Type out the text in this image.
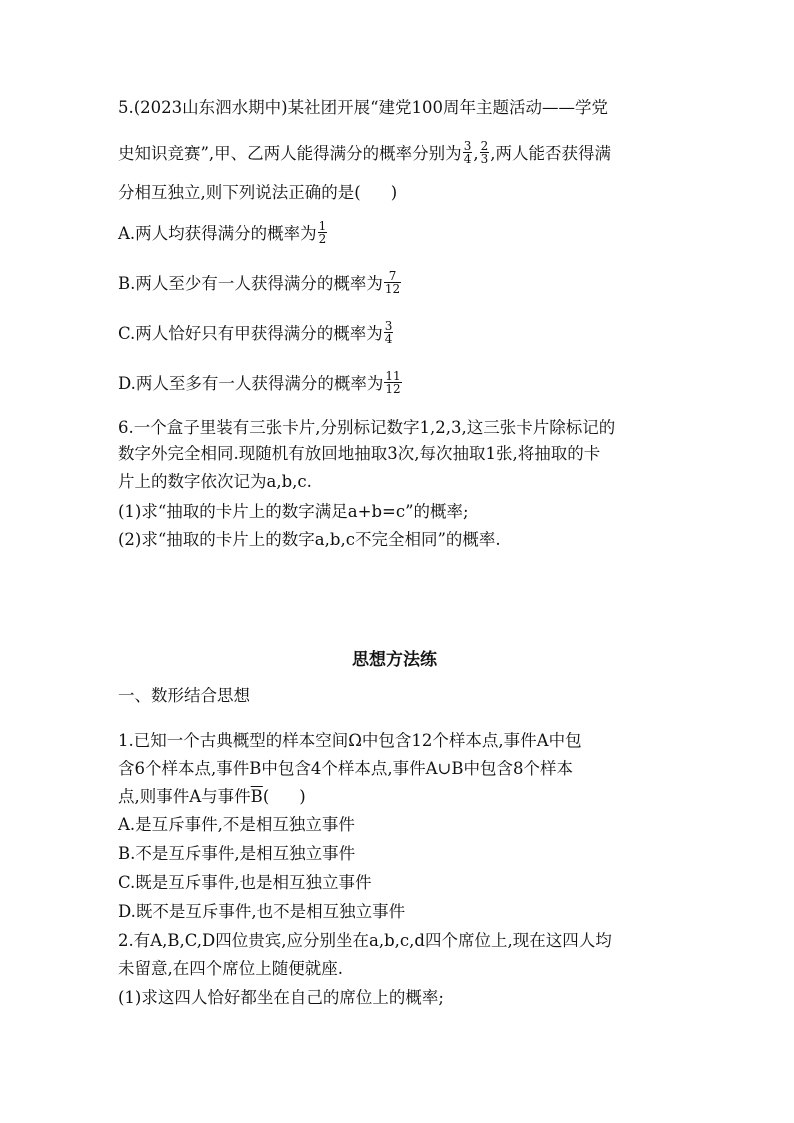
5.(2023山东泗水期中)某社团开展“建党100周年主题活动——学党
史知识竞赛”,甲、乙两人能得满分的概率分别为 $\frac{3}{4}$ , $\frac{2}{3}$ ,两人能否获得满
分相互独立,则下列说法正确的是( )
A.两人均获得满分的概率为 $\frac{1}{2}$
B.两人至少有一人获得满分的概率为 $\frac{7}{12}$
C.两人恰好只有甲获得满分的概率为 $\frac{3}{4}$
D.两人至多有一人获得满分的概率为 $\frac{11}{12}$
6.一个盒子里装有三张卡片,分别标记数字1,2,3,这三张卡片除标记的
数字外完全相同.现随机有放回地抽取3次,每次抽取1张,将抽取的卡
片上的数字依次记为a,b,c.
(1)求“抽取的卡片上的数字满足a+b=c”的概率;
(2)求“抽取的卡片上的数字a,b,c不完全相同”的概率.
思想方法练
一、数形结合思想
1.已知一个古典概型的样本空间Ω中包含12个样本点,事件A中包
含6个样本点,事件B中包含4个样本点,事件A∪B中包含8个样本
点,则事件A与事件$\overline{B}$( )
A.是互斥事件,不是相互独立事件
B.不是互斥事件,是相互独立事件
C.既是互斥事件,也是相互独立事件
D.既不是互斥事件,也不是相互独立事件
2.有A,B,C,D四位贵宾,应分别坐在a,b,c,d四个席位上,现在这四人均
未留意,在四个席位上随便就座.
(1)求这四人恰好都坐在自己的席位上的概率;
